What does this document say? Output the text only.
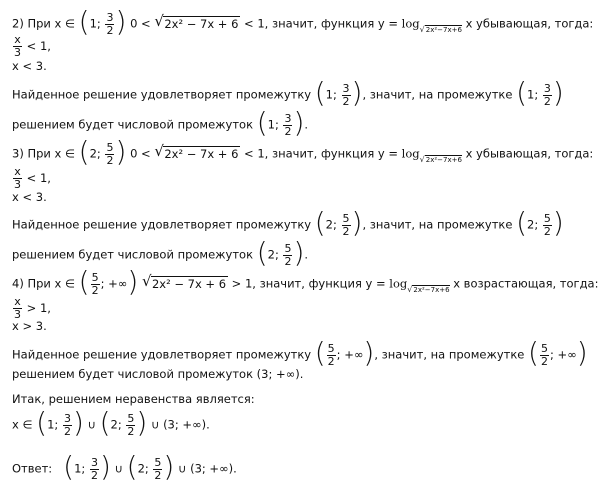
2) При x ∈ (1; $\frac{3}{2}$ ) 0 < √ 2x² − 7x + 6 < 1, значит, функция $y = \log_{√2x^2-7x+6} x$ убывающая, тогда:
$\frac{x}{3} < 1$,
x < 3.
Найденное решение удовлетворяет промежутку (1; $\frac{3}{2}$ ), значит, на промежутке (1; $\frac{3}{2}$ )
решением будет числовой промежуток (1; $\frac{3}{2}$ ).
3) При x ∈ (2; $\frac{5}{2}$ ) 0 < √ 2x² − 7x + 6 < 1, значит, функция $y = \log_{√2x^2-7x+6} x$ убывающая, тогда:
$\frac{x}{3} < 1$,
x < 3.
Найденное решение удовлетворяет промежутку (2; $\frac{5}{2}$ ), значит, на промежутке (2; $\frac{5}{2}$ )
решением будет числовой промежуток (2; $\frac{5}{2}$ ).
4) При x ∈ ( $\frac{5}{2}$ ; +∞) √ 2x² − 7x + 6 > 1, значит, функция $y = \log_{√2x^2-7x+6} x$ возрастающая, тогда:
$\frac{x}{3} > 1$,
x > 3.
Найденное решение удовлетворяет промежутку ( $\frac{5}{2}$ ; +∞), значит, на промежутке ( $\frac{5}{2}$ ; +∞)
решением будет числовой промежуток (3; +∞).
Итак, решением неравенства является:
x ∈ (1; $\frac{3}{2}$ ) ∪ (2; $\frac{5}{2}$ ) ∪ (3; +∞).
Ответ:   (1; $\frac{3}{2}$ ) ∪ (2; $\frac{5}{2}$ ) ∪ (3; +∞).
